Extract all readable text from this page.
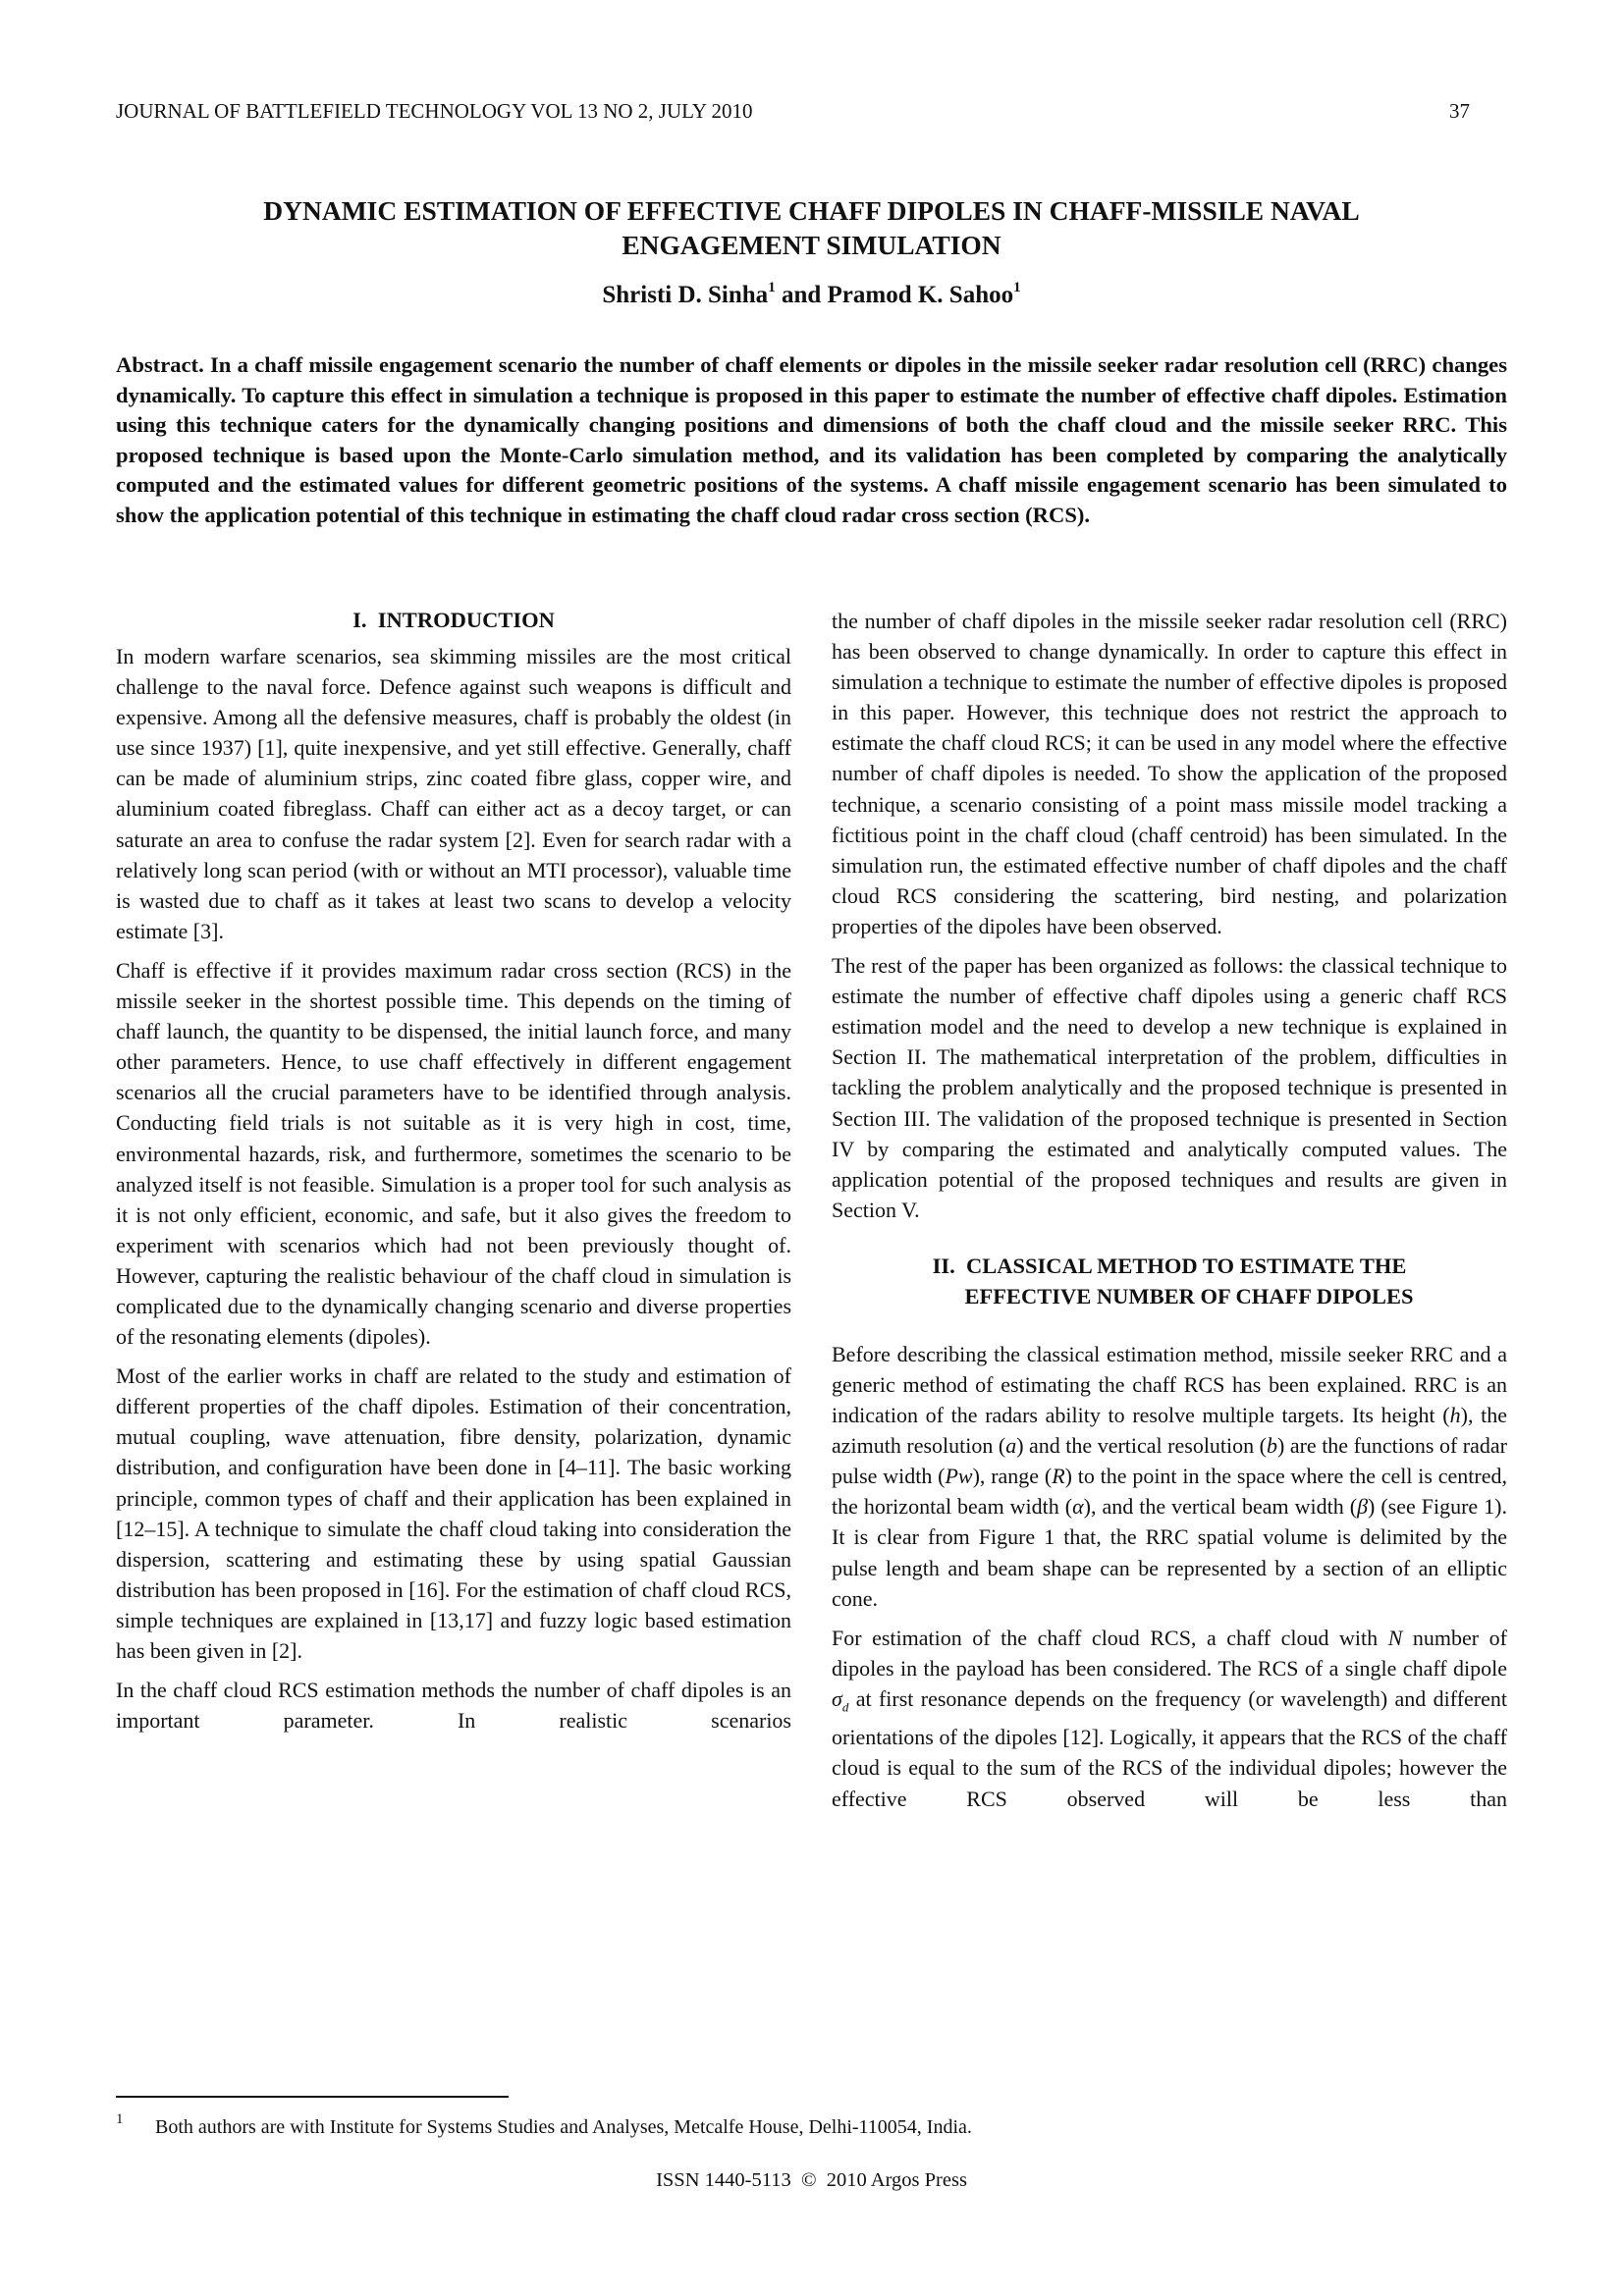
JOURNAL OF BATTLEFIELD TECHNOLOGY VOL 13 NO 2, JULY 2010	37
DYNAMIC ESTIMATION OF EFFECTIVE CHAFF DIPOLES IN CHAFF-MISSILE NAVAL
ENGAGEMENT SIMULATION
Shristi D. Sinha$^1$ and Pramod K. Sahoo$^1$
Abstract. In a chaff missile engagement scenario the number of chaff elements or dipoles in the missile seeker radar resolution cell (RRC) changes dynamically. To capture this effect in simulation a technique is proposed in this paper to estimate the number of effective chaff dipoles. Estimation using this technique caters for the dynamically changing positions and dimensions of both the chaff cloud and the missile seeker RRC. This proposed technique is based upon the Monte-Carlo simulation method, and its validation has been completed by comparing the analytically computed and the estimated values for different geometric positions of the systems. A chaff missile engagement scenario has been simulated to show the application potential of this technique in estimating the chaff cloud radar cross section (RCS).
I.  INTRODUCTION

In modern warfare scenarios, sea skimming missiles are the most critical challenge to the naval force. Defence against such weapons is difficult and expensive. Among all the defensive measures, chaff is probably the oldest (in use since 1937) [1], quite inexpensive, and yet still effective. Generally, chaff can be made of aluminium strips, zinc coated fibre glass, copper wire, and aluminium coated fibreglass. Chaff can either act as a decoy target, or can saturate an area to confuse the radar system [2]. Even for search radar with a relatively long scan period (with or without an MTI processor), valuable time is wasted due to chaff as it takes at least two scans to develop a velocity estimate [3].

Chaff is effective if it provides maximum radar cross section (RCS) in the missile seeker in the shortest possible time. This depends on the timing of chaff launch, the quantity to be dispensed, the initial launch force, and many other parameters. Hence, to use chaff effectively in different engagement scenarios all the crucial parameters have to be identified through analysis. Conducting field trials is not suitable as it is very high in cost, time, environmental hazards, risk, and furthermore, sometimes the scenario to be analyzed itself is not feasible. Simulation is a proper tool for such analysis as it is not only efficient, economic, and safe, but it also gives the freedom to experiment with scenarios which had not been previously thought of. However, capturing the realistic behaviour of the chaff cloud in simulation is complicated due to the dynamically changing scenario and diverse properties of the resonating elements (dipoles).

Most of the earlier works in chaff are related to the study and estimation of different properties of the chaff dipoles. Estimation of their concentration, mutual coupling, wave attenuation, fibre density, polarization, dynamic distribution, and configuration have been done in [4–11]. The basic working principle, common types of chaff and their application has been explained in [12–15]. A technique to simulate the chaff cloud taking into consideration the dispersion, scattering and estimating these by using spatial Gaussian distribution has been proposed in [16]. For the estimation of chaff cloud RCS, simple techniques are explained in [13,17] and fuzzy logic based estimation has been given in [2].

In the chaff cloud RCS estimation methods the number of chaff dipoles is an important parameter. In realistic scenarios

the number of chaff dipoles in the missile seeker radar resolution cell (RRC) has been observed to change dynamically. In order to capture this effect in simulation a technique to estimate the number of effective dipoles is proposed in this paper. However, this technique does not restrict the approach to estimate the chaff cloud RCS; it can be used in any model where the effective number of chaff dipoles is needed. To show the application of the proposed technique, a scenario consisting of a point mass missile model tracking a fictitious point in the chaff cloud (chaff centroid) has been simulated. In the simulation run, the estimated effective number of chaff dipoles and the chaff cloud RCS considering the scattering, bird nesting, and polarization properties of the dipoles have been observed.

The rest of the paper has been organized as follows: the classical technique to estimate the number of effective chaff dipoles using a generic chaff RCS estimation model and the need to develop a new technique is explained in Section II. The mathematical interpretation of the problem, difficulties in tackling the problem analytically and the proposed technique is presented in Section III. The validation of the proposed technique is presented in Section IV by comparing the estimated and analytically computed values. The application potential of the proposed techniques and results are given in Section V.

II.  CLASSICAL METHOD TO ESTIMATE THE
EFFECTIVE NUMBER OF CHAFF DIPOLES

Before describing the classical estimation method, missile seeker RRC and a generic method of estimating the chaff RCS has been explained. RRC is an indication of the radars ability to resolve multiple targets. Its height (h), the azimuth resolution (a) and the vertical resolution (b) are the functions of radar pulse width (Pw), range (R) to the point in the space where the cell is centred, the horizontal beam width (α), and the vertical beam width (β) (see Figure 1). It is clear from Figure 1 that, the RRC spatial volume is delimited by the pulse length and beam shape can be represented by a section of an elliptic cone.

For estimation of the chaff cloud RCS, a chaff cloud with N number of dipoles in the payload has been considered. The RCS of a single chaff dipole $\sigma_d$ at first resonance depends on the frequency (or wavelength) and different orientations of the dipoles [12]. Logically, it appears that the RCS of the chaff cloud is equal to the sum of the RCS of the individual dipoles; however the effective RCS observed will be less than

1 Both authors are with Institute for Systems Studies and Analyses, Metcalfe House, Delhi-110054, India.
ISSN 1440-5113  ©  2010 Argos Press
